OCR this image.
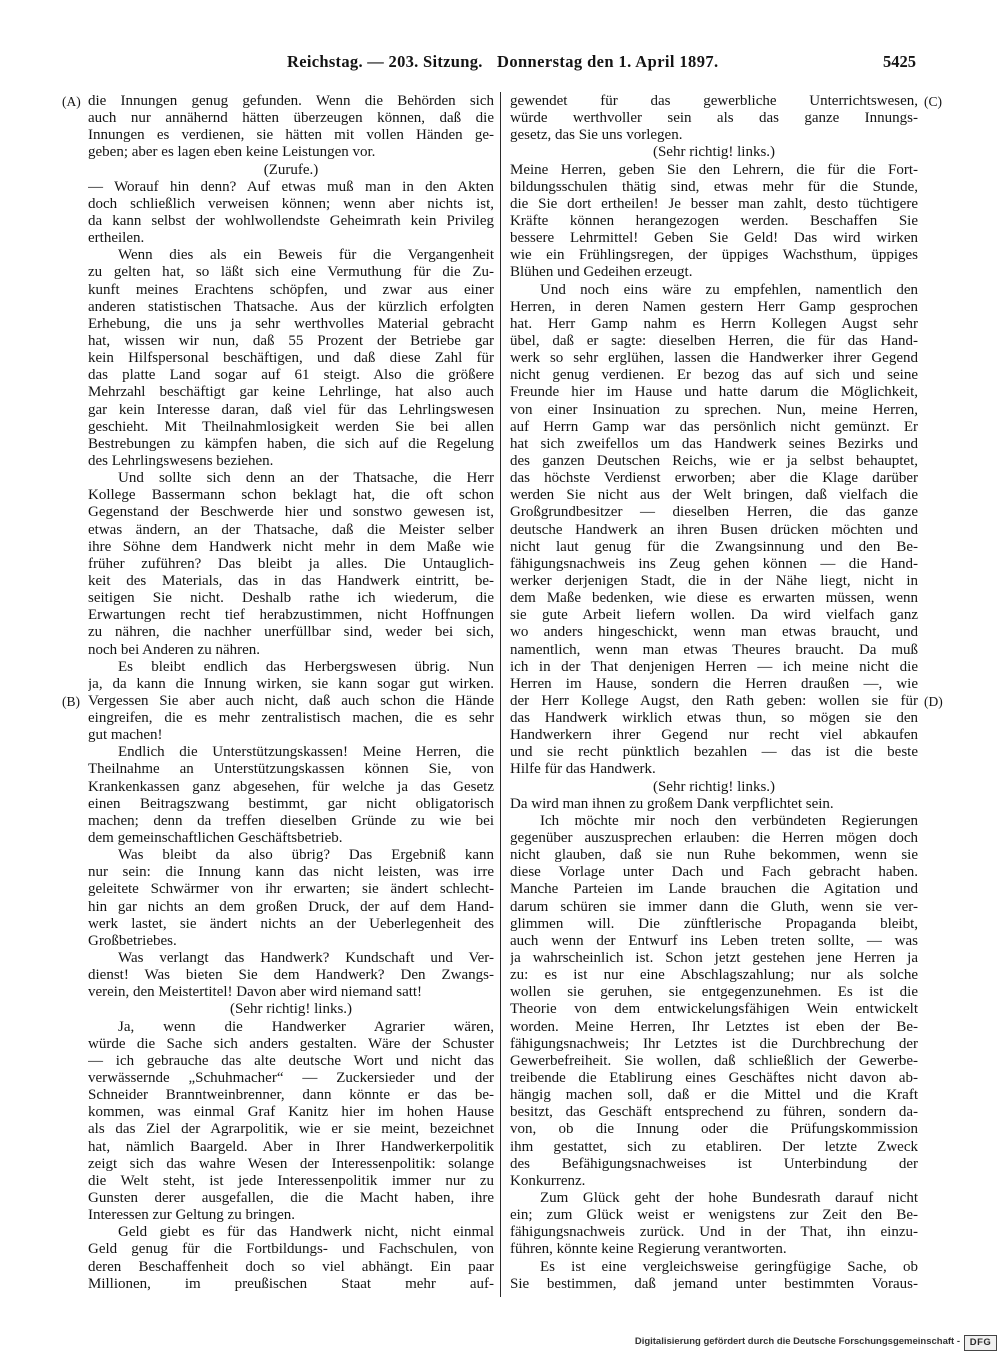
Reichstag. — 203. Sitzung. Donnerstag den 1. April 1897.	5425
(A)
(B)
(C)
(D)
die Innungen genug gefunden. Wenn die Behörden sich
auch nur annähernd hätten überzeugen können, daß die
Innungen es verdienen, sie hätten mit vollen Händen ge-
geben; aber es lagen eben keine Leistungen vor.
(Zurufe.)
— Worauf hin denn? Auf etwas muß man in den Akten
doch schließlich verweisen können; wenn aber nichts ist,
da kann selbst der wohlwollendste Geheimrath kein Privileg
ertheilen.
Wenn dies als ein Beweis für die Vergangenheit
zu gelten hat, so läßt sich eine Vermuthung für die Zu-
kunft meines Erachtens schöpfen, und zwar aus einer
anderen statistischen Thatsache. Aus der kürzlich erfolgten
Erhebung, die uns ja sehr werthvolles Material gebracht
hat, wissen wir nun, daß 55 Prozent der Betriebe gar
kein Hilfspersonal beschäftigen, und daß diese Zahl für
das platte Land sogar auf 61 steigt. Also die größere
Mehrzahl beschäftigt gar keine Lehrlinge, hat also auch
gar kein Interesse daran, daß viel für das Lehrlingswesen
geschieht. Mit Theilnahmlosigkeit werden Sie bei allen
Bestrebungen zu kämpfen haben, die sich auf die Regelung
des Lehrlingswesens beziehen.
Und sollte sich denn an der Thatsache, die Herr
Kollege Bassermann schon beklagt hat, die oft schon
Gegenstand der Beschwerde hier und sonstwo gewesen ist,
etwas ändern, an der Thatsache, daß die Meister selber
ihre Söhne dem Handwerk nicht mehr in dem Maße wie
früher zuführen? Das bleibt ja alles. Die Untauglich-
keit des Materials, das in das Handwerk eintritt, be-
seitigen Sie nicht. Deshalb rathe ich wiederum, die
Erwartungen recht tief herabzustimmen, nicht Hoffnungen
zu nähren, die nachher unerfüllbar sind, weder bei sich,
noch bei Anderen zu nähren.
Es bleibt endlich das Herbergswesen übrig. Nun
ja, da kann die Innung wirken, sie kann sogar gut wirken.
Vergessen Sie aber auch nicht, daß auch schon die Hände
eingreifen, die es mehr zentralistisch machen, die es sehr
gut machen!
Endlich die Unterstützungskassen! Meine Herren, die
Theilnahme an Unterstützungskassen können Sie, von
Krankenkassen ganz abgesehen, für welche ja das Gesetz
einen Beitragszwang bestimmt, gar nicht obligatorisch
machen; denn da treffen dieselben Gründe zu wie bei
dem gemeinschaftlichen Geschäftsbetrieb.
Was bleibt da also übrig? Das Ergebniß kann
nur sein: die Innung kann das nicht leisten, was irre
geleitete Schwärmer von ihr erwarten; sie ändert schlecht-
hin gar nichts an dem großen Druck, der auf dem Hand-
werk lastet, sie ändert nichts an der Ueberlegenheit des
Großbetriebes.
Was verlangt das Handwerk? Kundschaft und Ver-
dienst! Was bieten Sie dem Handwerk? Den Zwangs-
verein, den Meistertitel! Davon aber wird niemand satt!
(Sehr richtig! links.)
Ja, wenn die Handwerker Agrarier wären,
würde die Sache sich anders gestalten. Wäre der Schuster
— ich gebrauche das alte deutsche Wort und nicht das
verwässernde „Schuhmacher“ — Zuckersieder und der
Schneider Branntweinbrenner, dann könnte er das be-
kommen, was einmal Graf Kanitz hier im hohen Hause
als das Ziel der Agrarpolitik, wie er sie meint, bezeichnet
hat, nämlich Baargeld. Aber in Ihrer Handwerkerpolitik
zeigt sich das wahre Wesen der Interessenpolitik: solange
die Welt steht, ist jede Interessenpolitik immer nur zu
Gunsten derer ausgefallen, die die Macht haben, ihre
Interessen zur Geltung zu bringen.
Geld giebt es für das Handwerk nicht, nicht einmal
Geld genug für die Fortbildungs- und Fachschulen, von
deren Beschaffenheit doch so viel abhängt. Ein paar
Millionen, im preußischen Staat mehr auf-
gewendet für das gewerbliche Unterrichtswesen,
würde werthvoller sein als das ganze Innungs-
gesetz, das Sie uns vorlegen.
(Sehr richtig! links.)
Meine Herren, geben Sie den Lehrern, die für die Fort-
bildungsschulen thätig sind, etwas mehr für die Stunde,
die Sie dort ertheilen! Je besser man zahlt, desto tüchtigere
Kräfte können herangezogen werden. Beschaffen Sie
bessere Lehrmittel! Geben Sie Geld! Das wird wirken
wie ein Frühlingsregen, der üppiges Wachsthum, üppiges
Blühen und Gedeihen erzeugt.
Und noch eins wäre zu empfehlen, namentlich den
Herren, in deren Namen gestern Herr Gamp gesprochen
hat. Herr Gamp nahm es Herrn Kollegen Augst sehr
übel, daß er sagte: dieselben Herren, die für das Hand-
werk so sehr erglühen, lassen die Handwerker ihrer Gegend
nicht genug verdienen. Er bezog das auf sich und seine
Freunde hier im Hause und hatte darum die Möglichkeit,
von einer Insinuation zu sprechen. Nun, meine Herren,
auf Herrn Gamp war das persönlich nicht gemünzt. Er
hat sich zweifellos um das Handwerk seines Bezirks und
des ganzen Deutschen Reichs, wie er ja selbst behauptet,
das höchste Verdienst erworben; aber die Klage darüber
werden Sie nicht aus der Welt bringen, daß vielfach die
Großgrundbesitzer — dieselben Herren, die das ganze
deutsche Handwerk an ihren Busen drücken möchten und
nicht laut genug für die Zwangsinnung und den Be-
fähigungsnachweis ins Zeug gehen können — die Hand-
werker derjenigen Stadt, die in der Nähe liegt, nicht in
dem Maße bedenken, wie diese es erwarten müssen, wenn
sie gute Arbeit liefern wollen. Da wird vielfach ganz
wo anders hingeschickt, wenn man etwas braucht, und
namentlich, wenn man etwas Theures braucht. Da muß
ich in der That denjenigen Herren — ich meine nicht die
Herren im Hause, sondern die Herren draußen —, wie
der Herr Kollege Augst, den Rath geben: wollen sie für
das Handwerk wirklich etwas thun, so mögen sie den
Handwerkern ihrer Gegend nur recht viel abkaufen
und sie recht pünktlich bezahlen — das ist die beste
Hilfe für das Handwerk.
(Sehr richtig! links.)
Da wird man ihnen zu großem Dank verpflichtet sein.
Ich möchte mir noch den verbündeten Regierungen
gegenüber auszusprechen erlauben: die Herren mögen doch
nicht glauben, daß sie nun Ruhe bekommen, wenn sie
diese Vorlage unter Dach und Fach gebracht haben.
Manche Parteien im Lande brauchen die Agitation und
darum schüren sie immer dann die Gluth, wenn sie ver-
glimmen will. Die zünftlerische Propaganda bleibt,
auch wenn der Entwurf ins Leben treten sollte, — was
ja wahrscheinlich ist. Schon jetzt gestehen jene Herren ja
zu: es ist nur eine Abschlagszahlung; nur als solche
wollen sie geruhen, sie entgegenzunehmen. Es ist die
Theorie von dem entwickelungsfähigen Wein entwickelt
worden. Meine Herren, Ihr Letztes ist eben der Be-
fähigungsnachweis; Ihr Letztes ist die Durchbrechung der
Gewerbefreiheit. Sie wollen, daß schließlich der Gewerbe-
treibende die Etablirung eines Geschäftes nicht davon ab-
hängig machen soll, daß er die Mittel und die Kraft
besitzt, das Geschäft entsprechend zu führen, sondern da-
von, ob die Innung oder die Prüfungskommission
ihm gestattet, sich zu etabliren. Der letzte Zweck
des Befähigungsnachweises ist Unterbindung der
Konkurrenz.
Zum Glück geht der hohe Bundesrath darauf nicht
ein; zum Glück weist er wenigstens zur Zeit den Be-
fähigungsnachweis zurück. Und in der That, ihn einzu-
führen, könnte keine Regierung verantworten.
Es ist eine vergleichsweise geringfügige Sache, ob
Sie bestimmen, daß jemand unter bestimmten Voraus-
Digitalisierung gefördert durch die Deutsche Forschungsgemeinschaft -	DFG
